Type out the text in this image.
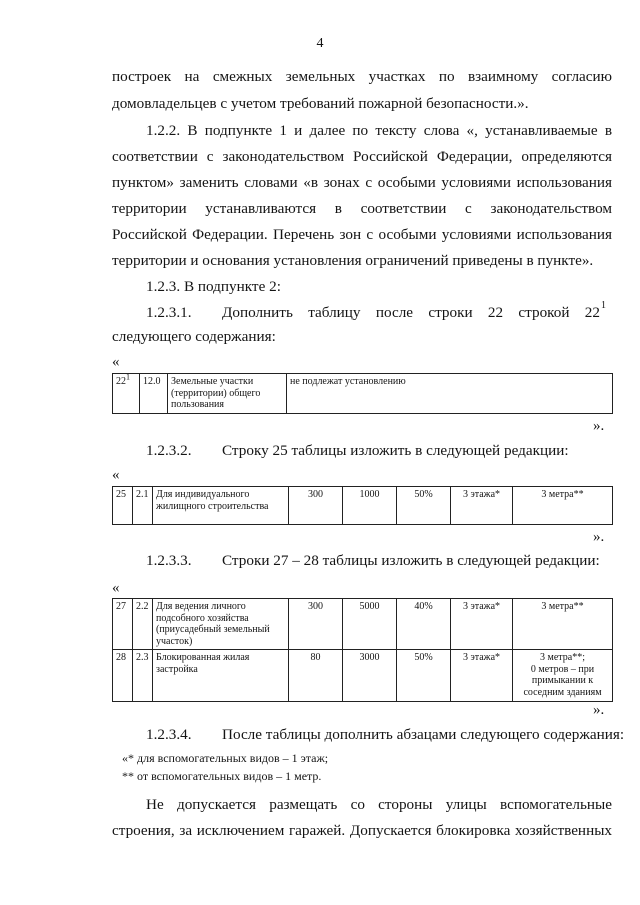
4
построек на смежных земельных участках по взаимному согласию
домовладельцев с учетом требований пожарной безопасности.».
1.2.2. В подпункте 1 и далее по тексту слова «, устанавливаемые в
соответствии с законодательством Российской Федерации, определяются
пунктом» заменить словами «в зонах с особыми условиями использования
территории устанавливаются в соответствии с законодательством
Российской Федерации. Перечень зон с особыми условиями использования
территории и основания установления ограничений приведены в пункте».
1.2.3. В подпункте 2:
1.2.3.1. Дополнить таблицу после строки 22 строкой 22 1
следующего содержания:
«
$22^1$	12.0	Земельные участки (территории) общего пользования	не подлежат установлению
».
1.2.3.2. Строку 25 таблицы изложить в следующей редакции:
«
25	2.1	Для индивидуального жилищного строительства	300	1000	50%	3 этажа*	3 метра**
».
1.2.3.3. Строки 27 – 28 таблицы изложить в следующей редакции:
«
27	2.2	Для ведения личного подсобного хозяйства (приусадебный земельный участок)	300	5000	40%	3 этажа*	3 метра**
28	2.3	Блокированная жилая застройка	80	3000	50%	3 этажа*	3 метра**;
0 метров – при примыкании к соседним зданиям
».
1.2.3.4. После таблицы дополнить абзацами следующего содержания:
«* для вспомогательных видов – 1 этаж;
** от вспомогательных видов – 1 метр.
Не допускается размещать со стороны улицы вспомогательные
строения, за исключением гаражей. Допускается блокировка хозяйственных
